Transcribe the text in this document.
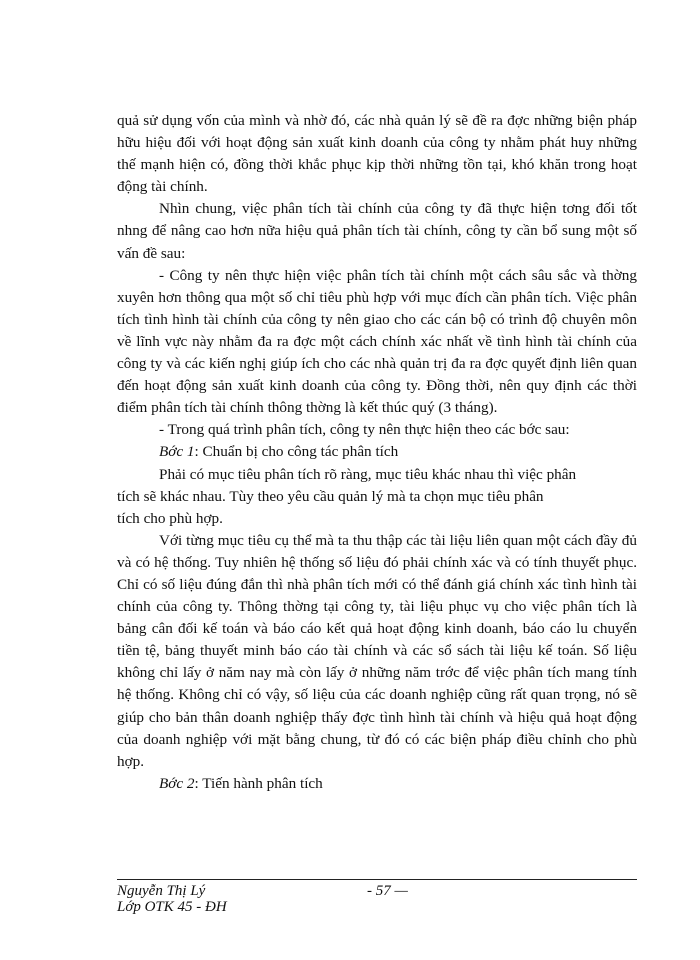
quả sử dụng vốn của mình và nhờ đó, các nhà quản lý sẽ đề ra đợc những biện pháp hữu hiệu đối với hoạt động sản xuất kinh doanh của công ty nhằm phát huy những thế mạnh hiện có, đồng thời khắc phục kịp thời những tồn tại, khó khăn trong hoạt động tài chính.

Nhìn chung, việc phân tích tài chính của công ty đã thực hiện tơng đối tốt nhng để nâng cao hơn nữa hiệu quả phân tích tài chính, công ty cần bổ sung một số vấn đề sau:

- Công ty nên thực hiện việc phân tích tài chính một cách sâu sắc và thờng xuyên hơn thông qua một số chỉ tiêu phù hợp với mục đích cần phân tích. Việc phân tích tình hình tài chính của công ty nên giao cho các cán bộ có trình độ chuyên môn về lĩnh vực này nhằm đa ra đợc một cách chính xác nhất về tình hình tài chính của công ty và các kiến nghị giúp ích cho các nhà quản trị đa ra đợc quyết định liên quan đến hoạt động sản xuất kinh doanh của công ty. Đồng thời, nên quy định các thời điểm phân tích tài chính thông thờng là kết thúc quý (3 tháng).

- Trong quá trình phân tích, công ty nên thực hiện theo các bớc sau:

Bớc 1: Chuẩn bị cho công tác phân tích

Phải có mục tiêu phân tích rõ ràng, mục tiêu khác nhau thì việc phân

tích sẽ khác nhau. Tùy theo yêu cầu quản lý mà ta chọn mục tiêu phân

tích cho phù hợp.

Với từng mục tiêu cụ thể mà ta thu thập các tài liệu liên quan một cách đầy đủ và có hệ thống. Tuy nhiên hệ thống số liệu đó phải chính xác và có tính thuyết phục. Chỉ có số liệu đúng đắn thì nhà phân tích mới có thể đánh giá chính xác tình hình tài chính của công ty. Thông thờng tại công ty, tài liệu phục vụ cho việc phân tích là bảng cân đối kế toán và báo cáo kết quả hoạt động kinh doanh, báo cáo lu chuyển tiền tệ, bảng thuyết minh báo cáo tài chính và các sổ sách tài liệu kế toán. Số liệu không chỉ lấy ở năm nay mà còn lấy ở những năm trớc để việc phân tích mang tính hệ thống. Không chỉ có vậy, số liệu của các doanh nghiệp cũng rất quan trọng, nó sẽ giúp cho bản thân doanh nghiệp thấy đợc tình hình tài chính và hiệu quả hoạt động của doanh nghiệp với mặt bằng chung, từ đó có các biện pháp điều chỉnh cho phù hợp.

Bớc 2: Tiến hành phân tích

Nguyễn Thị Lý
Lớp OTK 45 - ĐH
- 57 —
